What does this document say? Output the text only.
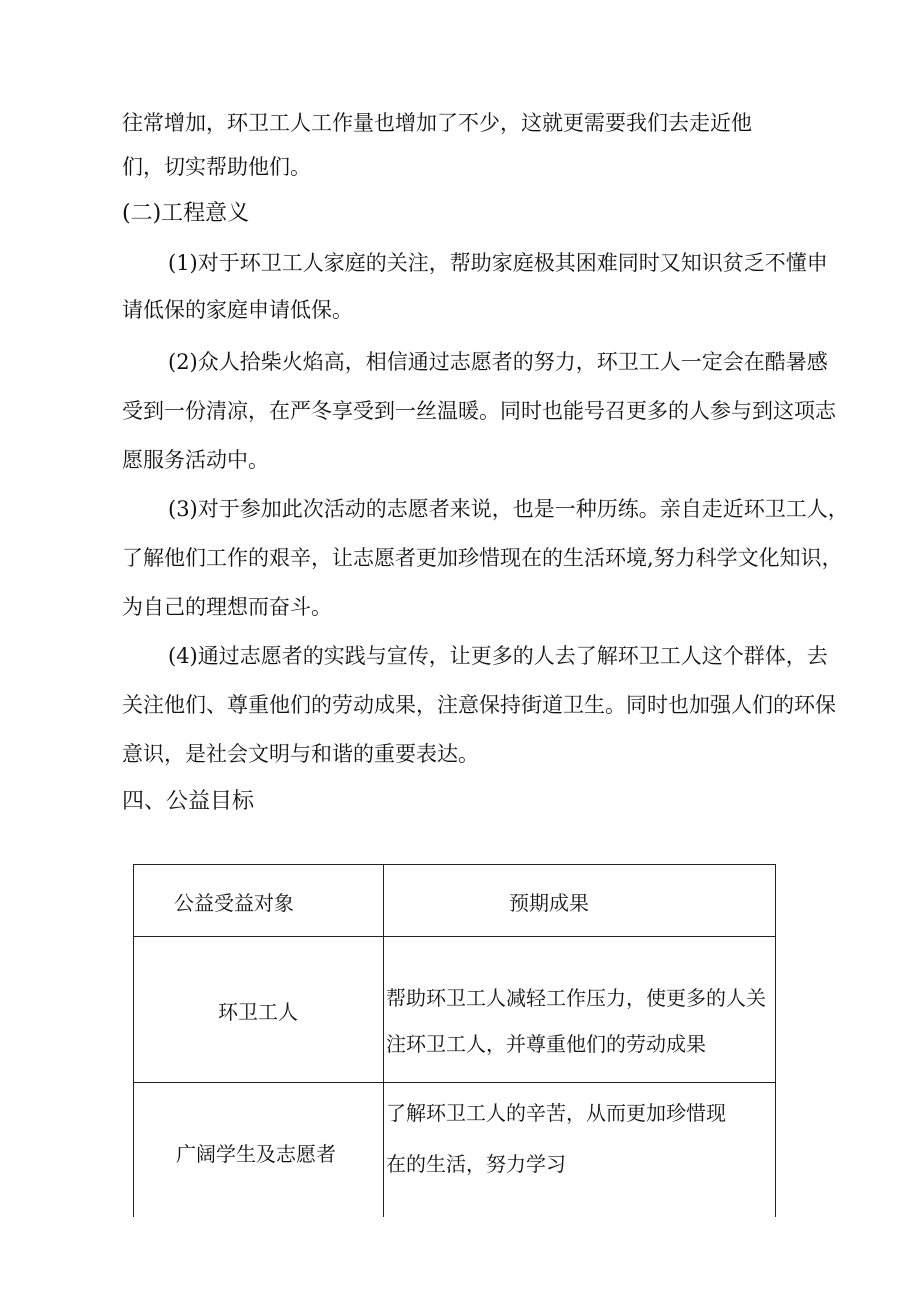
往常增加，环卫工人工作量也增加了不少，这就更需要我们去走近他
们，切实帮助他们。
(二)工程意义
(1)对于环卫工人家庭的关注，帮助家庭极其困难同时又知识贫乏不懂申
请低保的家庭申请低保。
(2)众人拾柴火焰高，相信通过志愿者的努力，环卫工人一定会在酷暑感
受到一份清凉，在严冬享受到一丝温暖。同时也能号召更多的人参与到这项志
愿服务活动中。
(3)对于参加此次活动的志愿者来说，也是一种历练。亲自走近环卫工人，
了解他们工作的艰辛，让志愿者更加珍惜现在的生活环境,努力科学文化知识，
为自己的理想而奋斗。
(4)通过志愿者的实践与宣传，让更多的人去了解环卫工人这个群体，去
关注他们、尊重他们的劳动成果，注意保持街道卫生。同时也加强人们的环保
意识，是社会文明与和谐的重要表达。
四、公益目标
公益受益对象	预期成果
环卫工人
帮助环卫工人减轻工作压力，使更多的人关
注环卫工人，并尊重他们的劳动成果
广阔学生及志愿者
了解环卫工人的辛苦，从而更加珍惜现
在的生活，努力学习
